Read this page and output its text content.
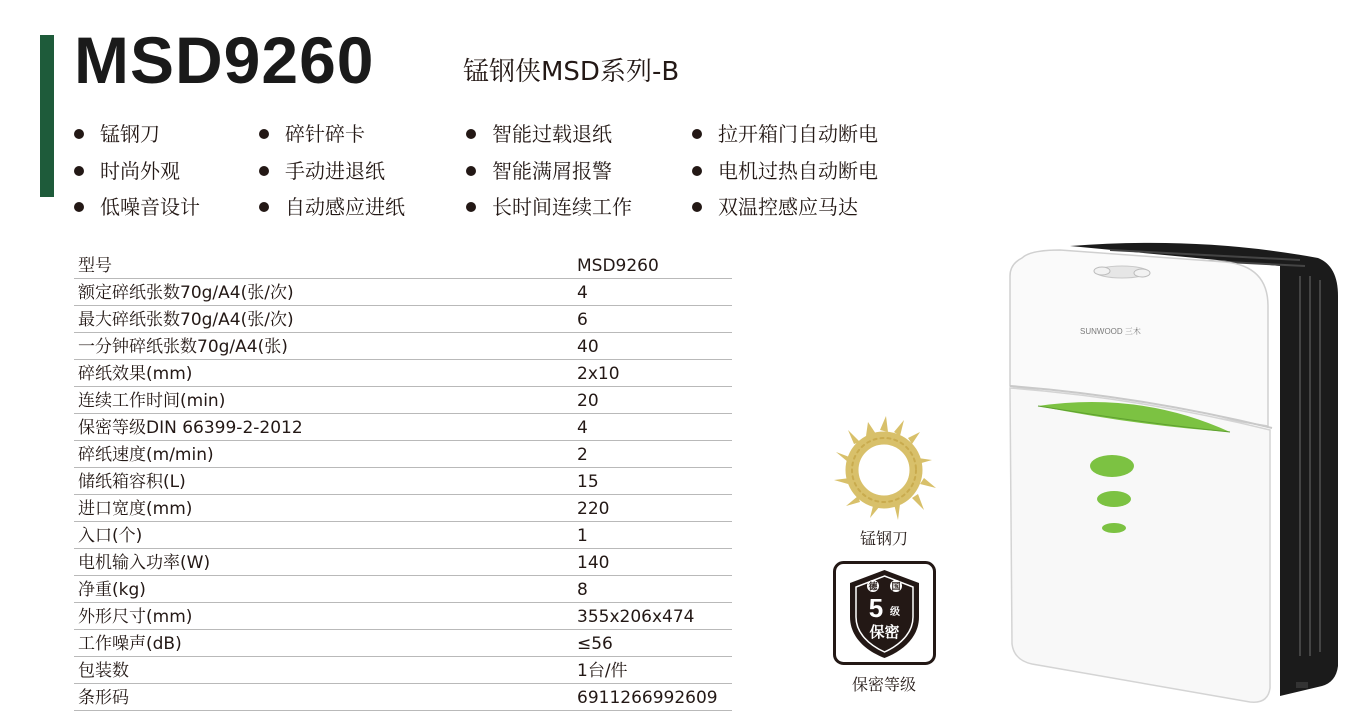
MSD9260	锰钢侠MSD系列-B
锰钢刀	碎针碎卡	智能过载退纸	拉开箱门自动断电
时尚外观	手动进退纸	智能满屑报警	电机过热自动断电
低噪音设计	自动感应进纸	长时间连续工作	双温控感应马达
型号	MSD9260
额定碎纸张数70g/A4(张/次)	4
最大碎纸张数70g/A4(张/次)	6
一分钟碎纸张数70g/A4(张)	40
碎纸效果(mm)	2x10
连续工作时间(min)	20
保密等级DIN 66399-2-2012	4
碎纸速度(m/min)	2
储纸箱容积(L)	15
进口宽度(mm)	220
入口(个)	1
电机输入功率(W)	140
净重(kg)	8
外形尺寸(mm)	355x206x474
工作噪声(dB)	≤56
包装数	1台/件
条形码	6911266992609
锰钢刀
德 国
5 级
保密
保密等级
SUNWOOD 三木
